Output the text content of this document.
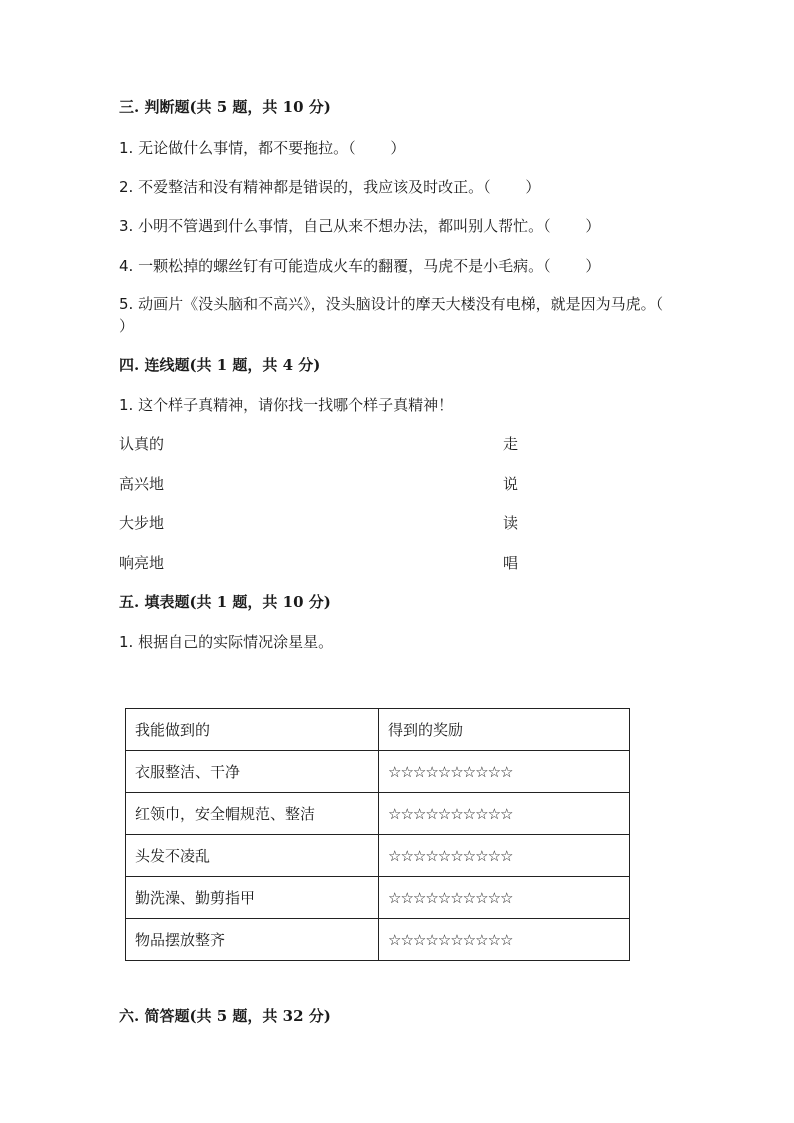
三. 判断题(共 5 题，共 10 分)
1. 无论做什么事情，都不要拖拉。（　　 ）
2. 不爱整洁和没有精神都是错误的，我应该及时改正。（　　 ）
3. 小明不管遇到什么事情，自己从来不想办法，都叫别人帮忙。（　　 ）
4. 一颗松掉的螺丝钉有可能造成火车的翻覆，马虎不是小毛病。（　　 ）
5. 动画片《没头脑和不高兴》，没头脑设计的摩天大楼没有电梯，就是因为马虎。（　　 ）
四. 连线题(共 1 题，共 4 分)
1. 这个样子真精神，请你找一找哪个样子真精神！
认真的	走
高兴地	说
大步地	读
响亮地	唱
五. 填表题(共 1 题，共 10 分)
1. 根据自己的实际情况涂星星。
我能做到的	得到的奖励
衣服整洁、干净	☆☆☆☆☆☆☆☆☆☆
红领巾，安全帽规范、整洁	☆☆☆☆☆☆☆☆☆☆
头发不凌乱	☆☆☆☆☆☆☆☆☆☆
勤洗澡、勤剪指甲	☆☆☆☆☆☆☆☆☆☆
物品摆放整齐	☆☆☆☆☆☆☆☆☆☆
六. 简答题(共 5 题，共 32 分)
